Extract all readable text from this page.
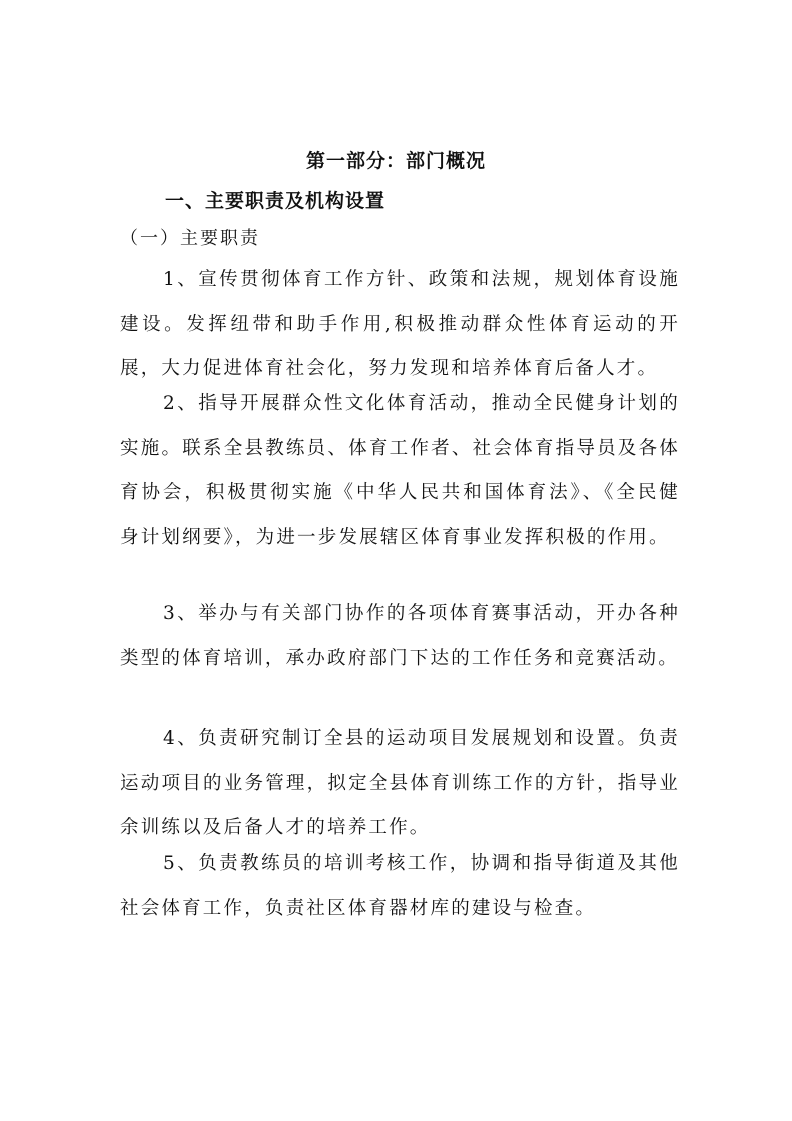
第一部分：部门概况
一、主要职责及机构设置
（一）主要职责

1、宣传贯彻体育工作方针、政策和法规，规划体育设施建设。发挥纽带和助手作用,积极推动群众性体育运动的开展，大力促进体育社会化，努力发现和培养体育后备人才。

2、指导开展群众性文化体育活动，推动全民健身计划的实施。联系全县教练员、体育工作者、社会体育指导员及各体育协会，积极贯彻实施《中华人民共和国体育法》、《全民健身计划纲要》，为进一步发展辖区体育事业发挥积极的作用。

3、举办与有关部门协作的各项体育赛事活动，开办各种类型的体育培训，承办政府部门下达的工作任务和竞赛活动。

4、负责研究制订全县的运动项目发展规划和设置。负责运动项目的业务管理，拟定全县体育训练工作的方针，指导业余训练以及后备人才的培养工作。

5、负责教练员的培训考核工作，协调和指导街道及其他社会体育工作，负责社区体育器材库的建设与检查。
